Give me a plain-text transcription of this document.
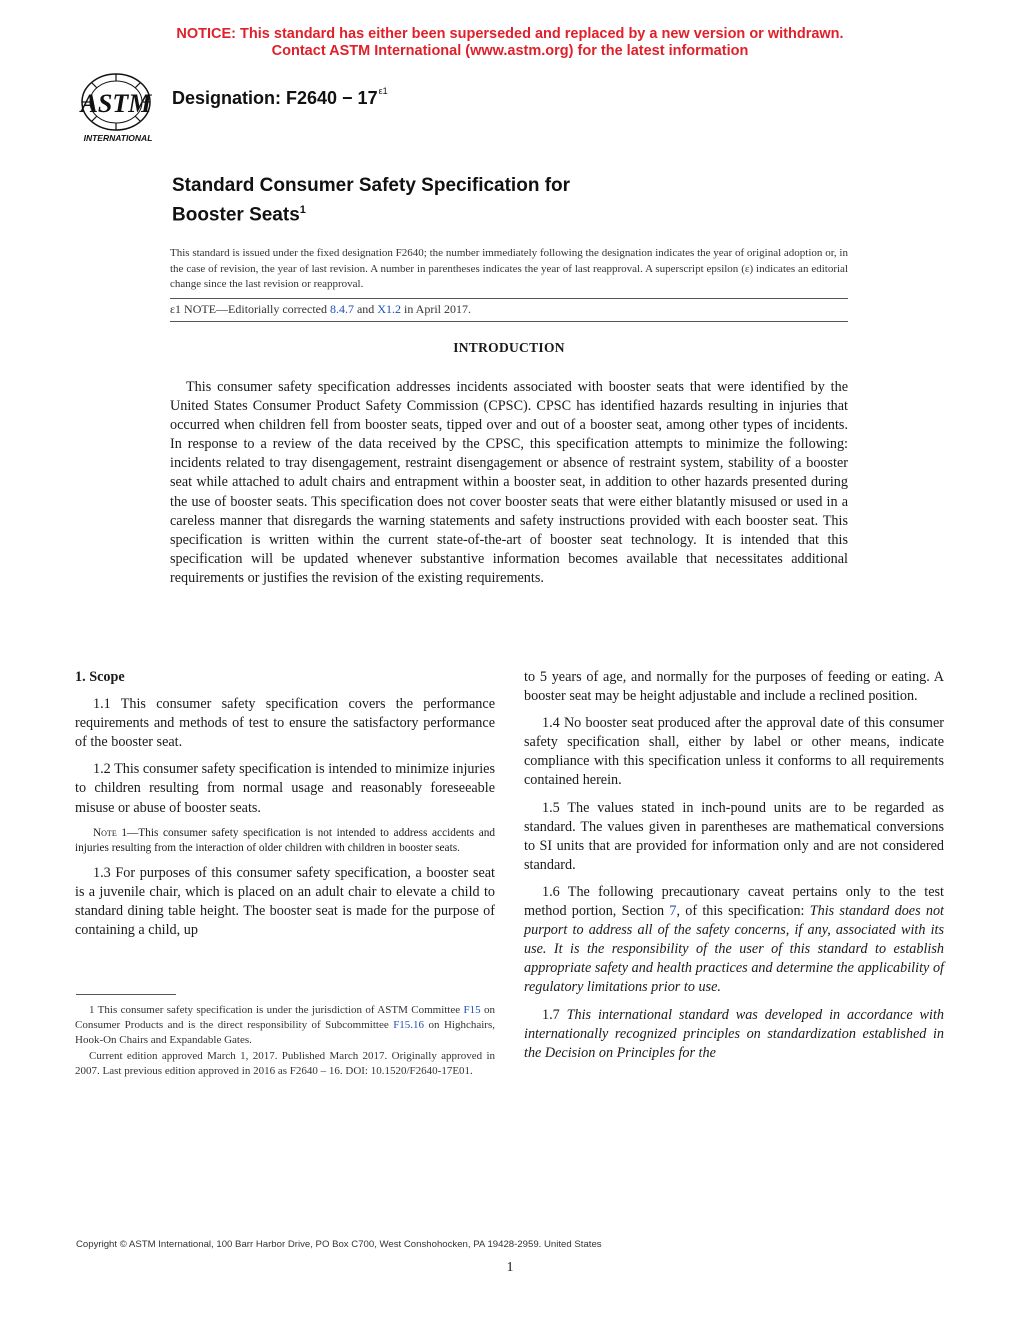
NOTICE: This standard has either been superseded and replaced by a new version or withdrawn.
Contact ASTM International (www.astm.org) for the latest information
ASTM
INTERNATIONAL
Designation: $F2640 - 17^{\varepsilon 1}$
Standard Consumer Safety Specification for
Booster Seats$^1$
This standard is issued under the fixed designation F2640; the number immediately following the designation indicates the year of original adoption or, in the case of revision, the year of last revision. A number in parentheses indicates the year of last reapproval. A superscript epsilon (ε) indicates an editorial change since the last revision or reapproval.
ε1 NOTE—Editorially corrected 8.4.7 and X1.2 in April 2017.
INTRODUCTION

This consumer safety specification addresses incidents associated with booster seats that were identified by the United States Consumer Product Safety Commission (CPSC). CPSC has identified hazards resulting in injuries that occurred when children fell from booster seats, tipped over and out of a booster seat, among other types of incidents. In response to a review of the data received by the CPSC, this specification attempts to minimize the following: incidents related to tray disengagement, restraint disengagement or absence of restraint system, stability of a booster seat while attached to adult chairs and entrapment within a booster seat, in addition to other hazards presented during the use of booster seats. This specification does not cover booster seats that were either blatantly misused or used in a careless manner that disregards the warning statements and safety instructions provided with each booster seat. This specification is written within the current state-of-the-art of booster seat technology. It is intended that this specification will be updated whenever substantive information becomes available that necessitates additional requirements or justifies the revision of the existing requirements.

1. Scope

1.1 This consumer safety specification covers the performance requirements and methods of test to ensure the satisfactory performance of the booster seat.

1.2 This consumer safety specification is intended to minimize injuries to children resulting from normal usage and reasonably foreseeable misuse or abuse of booster seats.

Note 1—This consumer safety specification is not intended to address accidents and injuries resulting from the interaction of older children with children in booster seats.

1.3 For purposes of this consumer safety specification, a booster seat is a juvenile chair, which is placed on an adult chair to elevate a child to standard dining table height. The booster seat is made for the purpose of containing a child, up

to 5 years of age, and normally for the purposes of feeding or eating. A booster seat may be height adjustable and include a reclined position.

1.4 No booster seat produced after the approval date of this consumer safety specification shall, either by label or other means, indicate compliance with this specification unless it conforms to all requirements contained herein.

1.5 The values stated in inch-pound units are to be regarded as standard. The values given in parentheses are mathematical conversions to SI units that are provided for information only and are not considered standard.

1.6 The following precautionary caveat pertains only to the test method portion, Section 7, of this specification: This standard does not purport to address all of the safety concerns, if any, associated with its use. It is the responsibility of the user of this standard to establish appropriate safety and health practices and determine the applicability of regulatory limitations prior to use.

1.7 This international standard was developed in accordance with internationally recognized principles on standardization established in the Decision on Principles for the

1 This consumer safety specification is under the jurisdiction of ASTM Committee F15 on Consumer Products and is the direct responsibility of Subcommittee F15.16 on Highchairs, Hook-On Chairs and Expandable Gates.

Current edition approved March 1, 2017. Published March 2017. Originally approved in 2007. Last previous edition approved in 2016 as F2640 – 16. DOI: 10.1520/F2640-17E01.

Copyright © ASTM International, 100 Barr Harbor Drive, PO Box C700, West Conshohocken, PA 19428-2959. United States
1
